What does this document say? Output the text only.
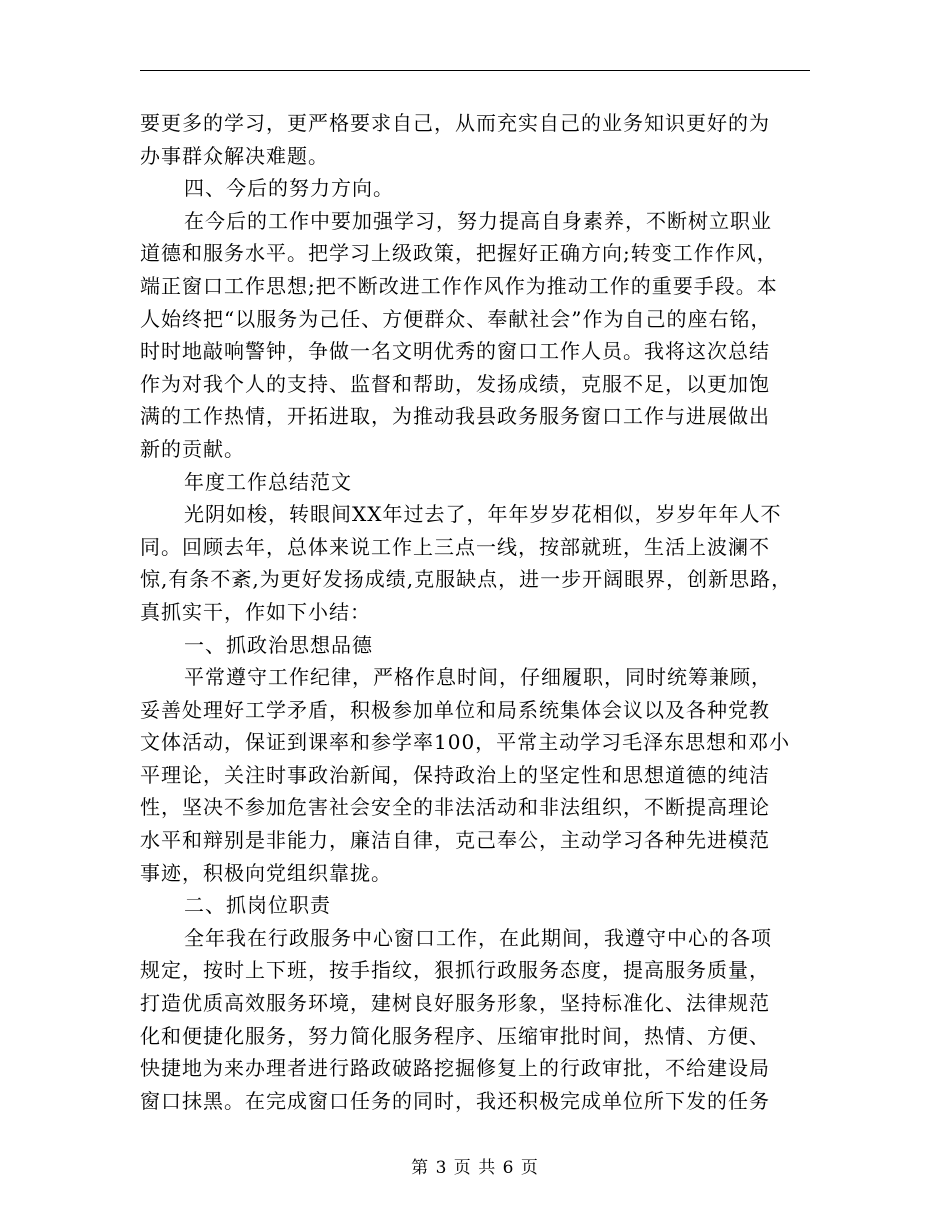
要更多的学习，更严格要求自己，从而充实自己的业务知识更好的为
办事群众解决难题。
四、今后的努力方向。
在今后的工作中要加强学习，努力提高自身素养，不断树立职业
道德和服务水平。把学习上级政策，把握好正确方向;转变工作作风，
端正窗口工作思想;把不断改进工作作风作为推动工作的重要手段。本
人始终把“以服务为己任、方便群众、奉献社会”作为自己的座右铭，
时时地敲响警钟，争做一名文明优秀的窗口工作人员。我将这次总结
作为对我个人的支持、监督和帮助，发扬成绩，克服不足，以更加饱
满的工作热情，开拓进取，为推动我县政务服务窗口工作与进展做出
新的贡献。
年度工作总结范文
光阴如梭，转眼间XX年过去了，年年岁岁花相似，岁岁年年人不
同。回顾去年，总体来说工作上三点一线，按部就班，生活上波澜不
惊,有条不紊,为更好发扬成绩,克服缺点，进一步开阔眼界，创新思路，
真抓实干，作如下小结：
一、抓政治思想品德
平常遵守工作纪律，严格作息时间，仔细履职，同时统筹兼顾，
妥善处理好工学矛盾，积极参加单位和局系统集体会议以及各种党教
文体活动，保证到课率和参学率100，平常主动学习毛泽东思想和邓小
平理论，关注时事政治新闻，保持政治上的坚定性和思想道德的纯洁
性，坚决不参加危害社会安全的非法活动和非法组织，不断提高理论
水平和辩别是非能力，廉洁自律，克己奉公，主动学习各种先进模范
事迹，积极向党组织靠拢。
二、抓岗位职责
全年我在行政服务中心窗口工作，在此期间，我遵守中心的各项
规定，按时上下班，按手指纹，狠抓行政服务态度，提高服务质量，
打造优质高效服务环境，建树良好服务形象，坚持标准化、法律规范
化和便捷化服务，努力简化服务程序、压缩审批时间，热情、方便、
快捷地为来办理者进行路政破路挖掘修复上的行政审批，不给建设局
窗口抹黑。在完成窗口任务的同时，我还积极完成单位所下发的任务
第 3 页 共 6 页
